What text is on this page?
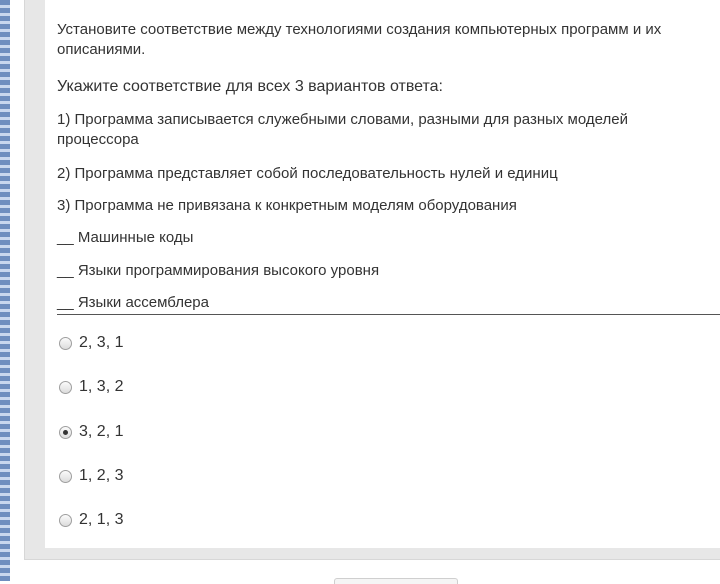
Установите соответствие между технологиями создания компьютерных программ и их описаниями.
Укажите соответствие для всех 3 вариантов ответа:
1) Программа записывается служебными словами, разными для разных моделей процессора
2) Программа представляет собой последовательность нулей и единиц
3) Программа не привязана к конкретным моделям оборудования
__ Машинные коды
__ Языки программирования высокого уровня
__ Языки ассемблера
2, 3, 1
1, 3, 2
3, 2, 1
1, 2, 3
2, 1, 3
